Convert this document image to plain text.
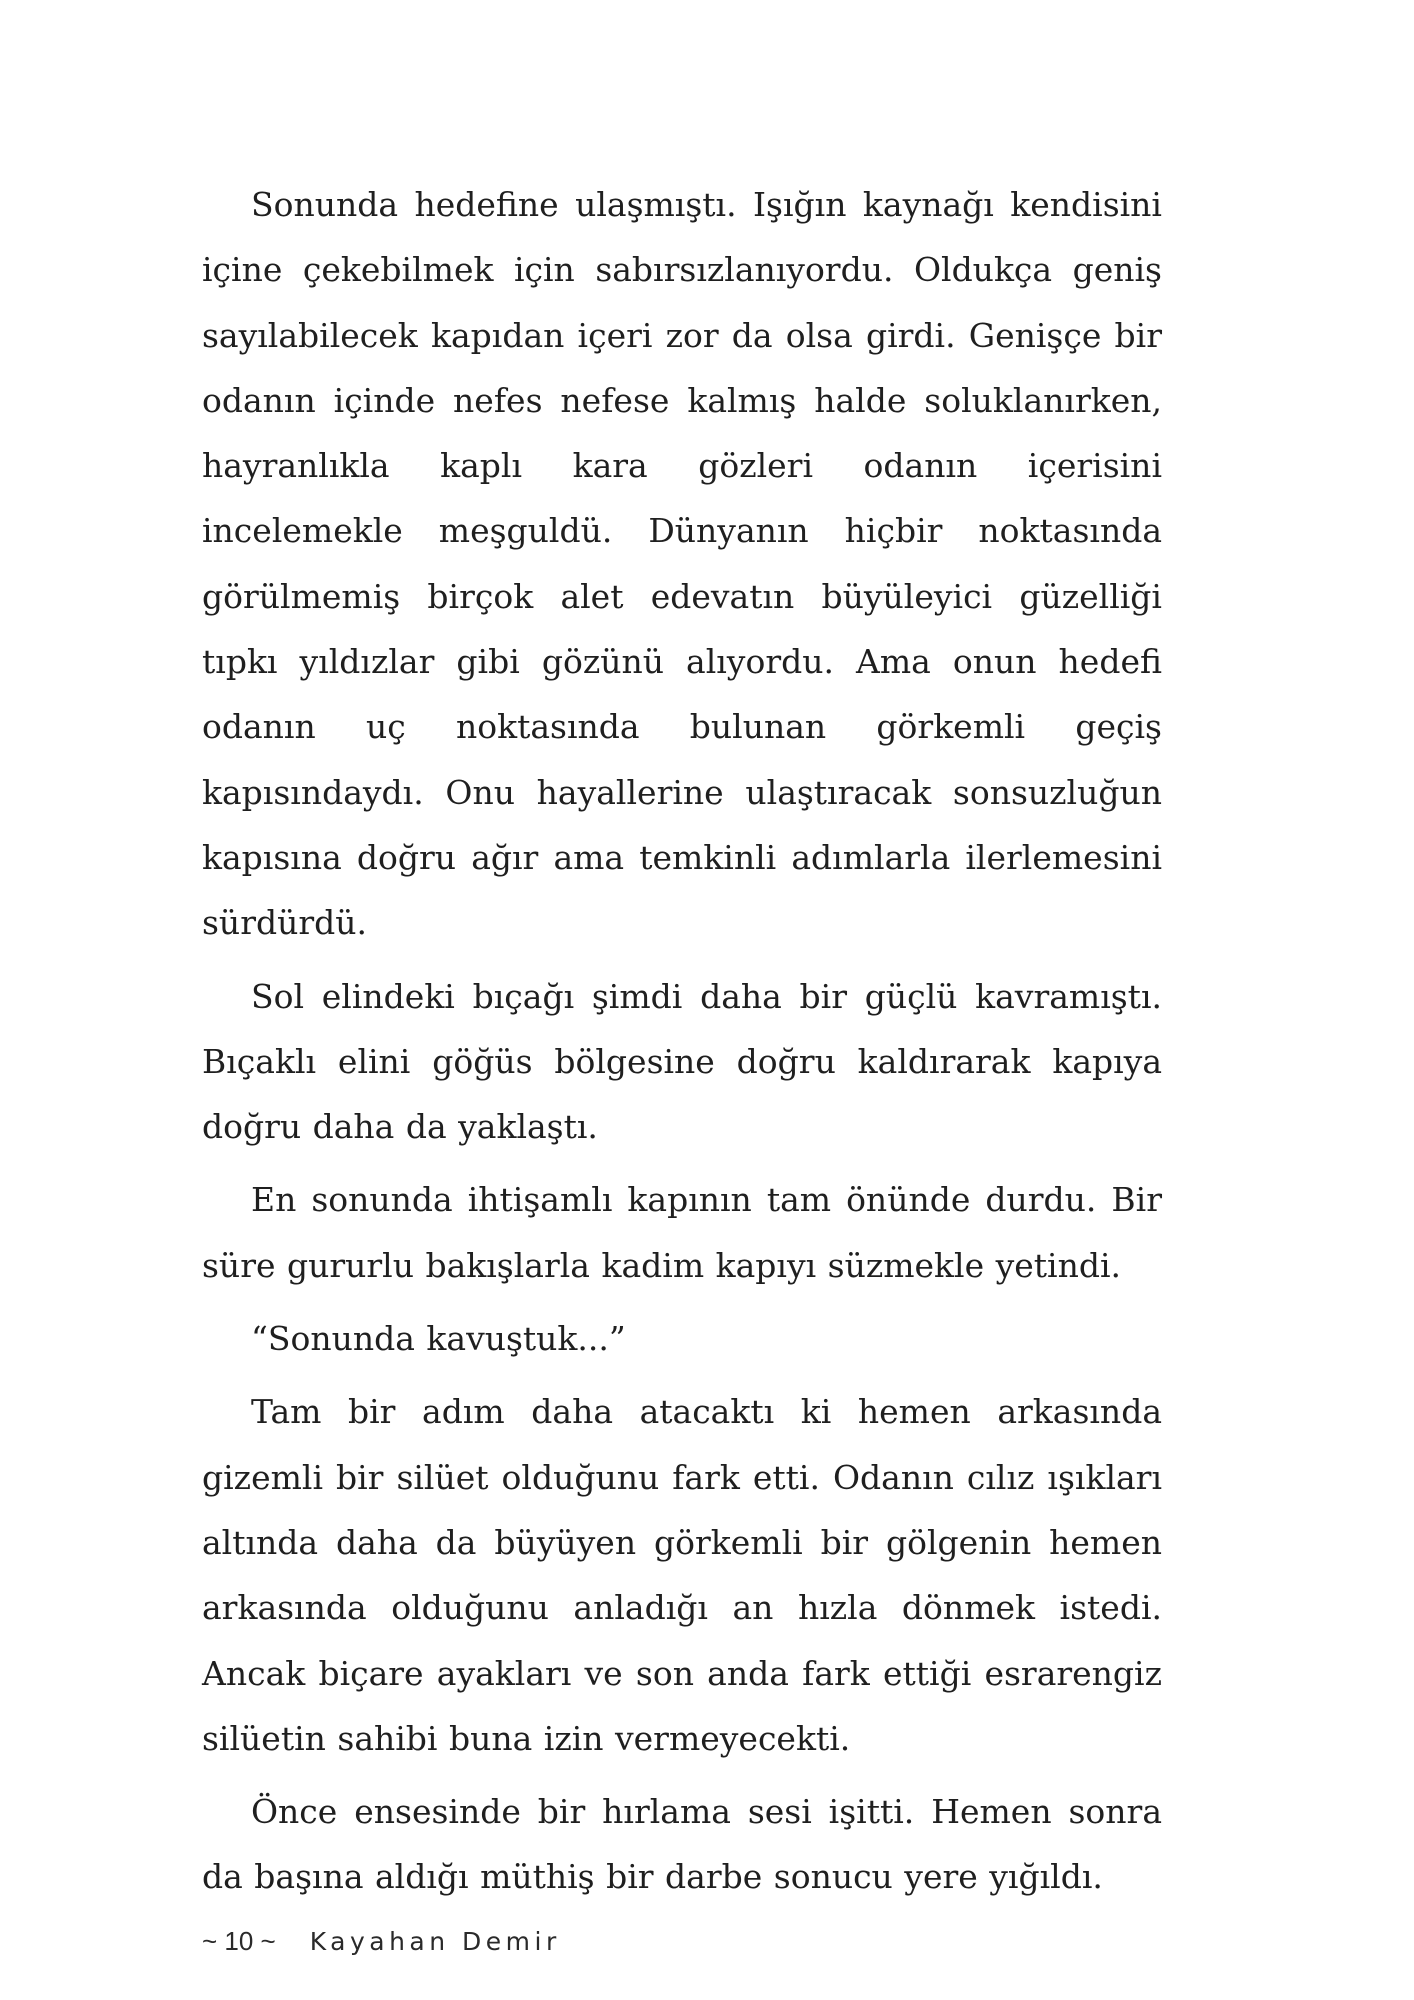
Sonunda hedefine ulaşmıştı. Işığın kaynağı kendisini içine çekebilmek için sabırsızlanıyordu. Oldukça geniş sayılabilecek kapıdan içeri zor da olsa girdi. Genişçe bir odanın içinde nefes nefese kalmış halde soluklanırken, hayranlıkla kaplı kara gözleri odanın içerisini incelemekle meşguldü. Dünyanın hiçbir noktasında görülmemiş birçok alet edevatın büyüleyici güzelliği tıpkı yıldızlar gibi gözünü alıyordu. Ama onun hedefi odanın uç noktasında bulunan görkemli geçiş kapısındaydı. Onu hayallerine ulaştıracak sonsuzluğun kapısına doğru ağır ama temkinli adımlarla ilerlemesini sürdürdü.

Sol elindeki bıçağı şimdi daha bir güçlü kavramıştı. Bıçaklı elini göğüs bölgesine doğru kaldırarak kapıya doğru daha da yaklaştı.

En sonunda ihtişamlı kapının tam önünde durdu. Bir süre gururlu bakışlarla kadim kapıyı süzmekle yetindi.

“Sonunda kavuştuk...”

Tam bir adım daha atacaktı ki hemen arkasında gizemli bir silüet olduğunu fark etti. Odanın cılız ışıkları altında daha da büyüyen görkemli bir gölgenin hemen arkasında olduğunu anladığı an hızla dönmek istedi. Ancak biçare ayakları ve son anda fark ettiği esrarengiz silüetin sahibi buna izin vermeyecekti.

Önce ensesinde bir hırlama sesi işitti. Hemen sonra da başına aldığı müthiş bir darbe sonucu yere yığıldı.

~ 10 ~ Kayahan Demir
